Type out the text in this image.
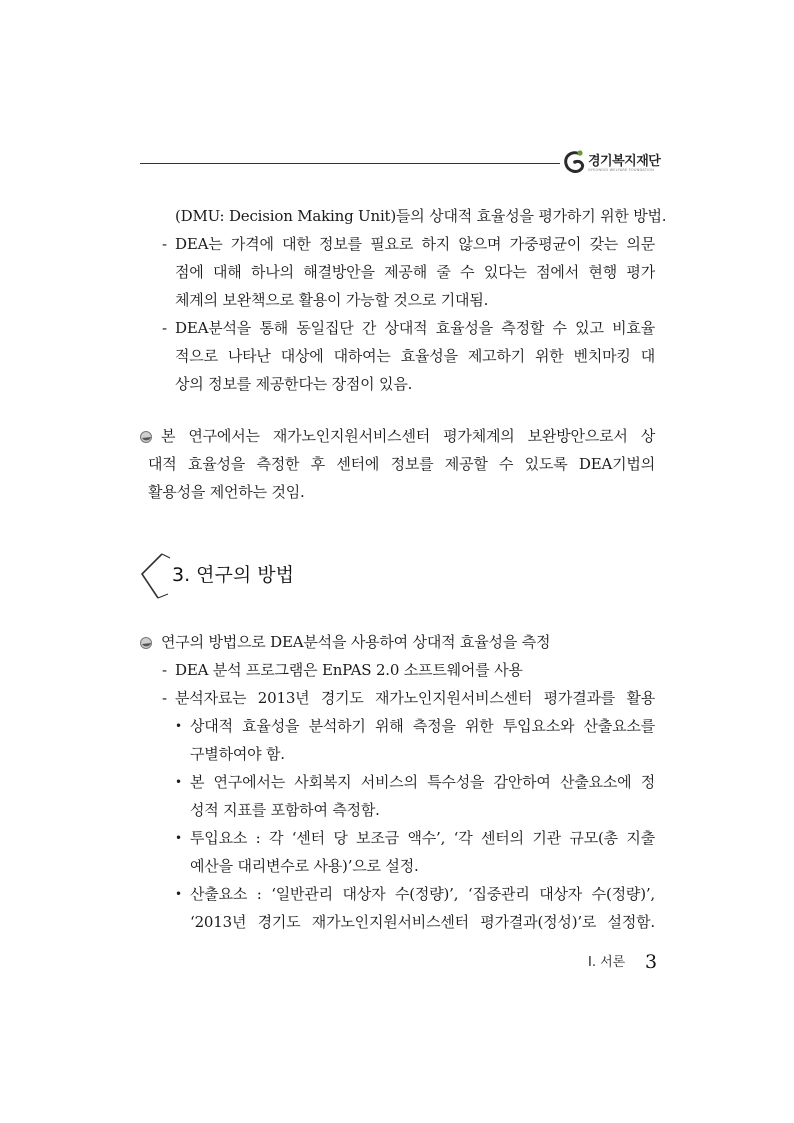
경기복지재단
GYEONGGI WELFARE FOUNDATION
(DMU: Decision Making Unit)들의 상대적 효율성을 평가하기 위한 방법.
- DEA는 가격에 대한 정보를 필요로 하지 않으며 가중평균이 갖는 의문
점에 대해 하나의 해결방안을 제공해 줄 수 있다는 점에서 현행 평가
체계의 보완책으로 활용이 가능할 것으로 기대됨.
- DEA분석을 통해 동일집단 간 상대적 효율성을 측정할 수 있고 비효율
적으로 나타난 대상에 대하여는 효율성을 제고하기 위한 벤치마킹 대
상의 정보를 제공한다는 장점이 있음.
본 연구에서는 재가노인지원서비스센터 평가체계의 보완방안으로서 상
대적 효율성을 측정한 후 센터에 정보를 제공할 수 있도록 DEA기법의
활용성을 제언하는 것임.
3. 연구의 방법
연구의 방법으로 DEA분석을 사용하여 상대적 효율성을 측정
- DEA 분석 프로그램은 EnPAS 2.0 소프트웨어를 사용
- 분석자료는 2013년 경기도 재가노인지원서비스센터 평가결과를 활용
• 상대적 효율성을 분석하기 위해 측정을 위한 투입요소와 산출요소를
구별하여야 함.
• 본 연구에서는 사회복지 서비스의 특수성을 감안하여 산출요소에 정
성적 지표를 포함하여 측정함.
• 투입요소 : 각 ‘센터 당 보조금 액수’, ‘각 센터의 기관 규모(총 지출
예산을 대리변수로 사용)’으로 설정.
• 산출요소 : ‘일반관리 대상자 수(정량)’, ‘집중관리 대상자 수(정량)’,
‘2013년 경기도 재가노인지원서비스센터 평가결과(정성)’로 설정함.
Ⅰ. 서론 3
